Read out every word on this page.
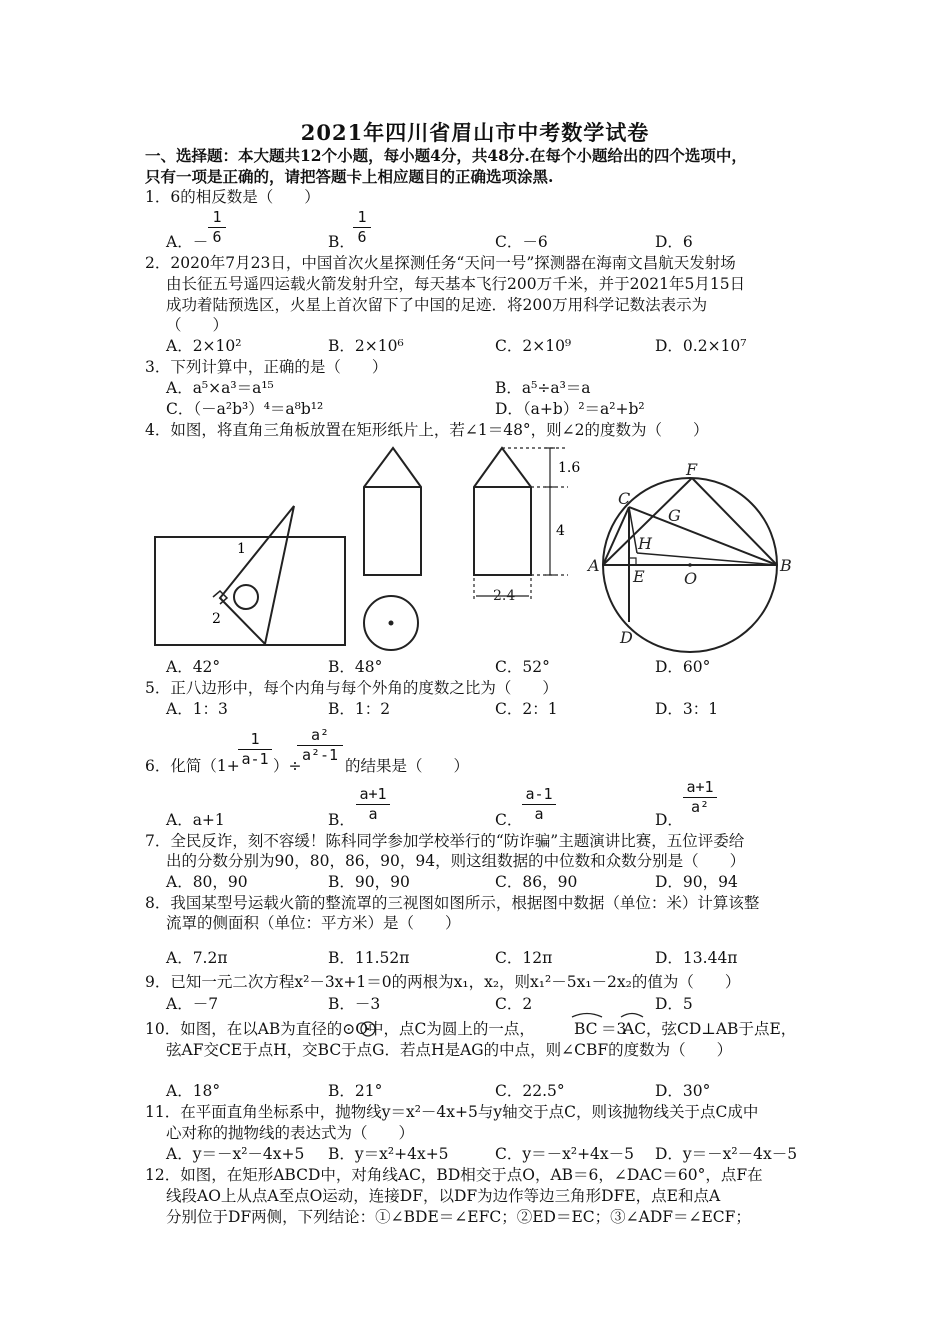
2021年四川省眉山市中考数学试卷
一、选择题：本大题共12个小题，每小题4分，共48分.在每个小题给出的四个选项中，
只有一项是正确的，请把答题卡上相应题目的正确选项涂黑.
1．6的相反数是（　　）
A．－
1
6	B．
1
6	C．－6	D．6
2．2020年7月23日，中国首次火星探测任务“天问一号”探测器在海南文昌航天发射场
由长征五号遥四运载火箭发射升空，每天基本飞行200万千米，并于2021年5月15日
成功着陆预选区，火星上首次留下了中国的足迹．将200万用科学记数法表示为
（　　）
A．2×10²	B．2×10⁶	C．2×10⁹	D．0.2×10⁷
3．下列计算中，正确的是（　　）
A．a⁵×a³＝a¹⁵	B．a⁵÷a³＝a
C．（－a²b³）⁴＝a⁸b¹²	D．（a+b）²＝a²+b²
4．如图，将直角三角板放置在矩形纸片上，若∠1＝48°，则∠2的度数为（　　）
1
2
1.6
4
2.4
F
C
G
H
A
E O
B
D
A．42°	B．48°	C．52°	D．60°
5．正八边形中，每个内角与每个外角的度数之比为（　　）
A．1：3	B．1：2	C．2：1	D．3：1
6．化简（1+
1
a-1 ）÷
a²
a²-1
的结果是（　　）
A．a+1	B．
a+1
a	C．
a-1
a	D．
a+1
a²
7．全民反诈，刻不容缓！陈科同学参加学校举行的“防诈骗”主题演讲比赛，五位评委给
出的分数分别为90，80，86，90，94，则这组数据的中位数和众数分别是（　　）
A．80，90	B．90，90	C．86，90	D．90，94
8．我国某型号运载火箭的整流罩的三视图如图所示，根据图中数据（单位：米）计算该整
流罩的侧面积（单位：平方米）是（　　）
A．7.2π	B．11.52π	C．12π	D．13.44π
9．已知一元二次方程x²－3x+1＝0的两根为x₁，x₂，则x₁²－5x₁－2x₂的值为（　　）
A．－7	B．－3	C．2	D．5
10．如图，在以AB为直径的⊙O中，点C为圆上的一点，	BC ＝3
AC ，弦CD⊥AB于点E，
弦AF交CE于点H，交BC于点G．若点H是AG的中点，则∠CBF的度数为（　　）
A．18°	B．21°	C．22.5°	D．30°
11．在平面直角坐标系中，抛物线y＝x²－4x+5与y轴交于点C，则该抛物线关于点C成中
心对称的抛物线的表达式为（　　）
A．y＝－x²－4x+5 B．y＝x²+4x+5	C．y＝－x²+4x－5 D．y＝－x²－4x－5
12．如图，在矩形ABCD中，对角线AC，BD相交于点O，AB＝6，∠DAC＝60°，点F在
线段AO上从点A至点O运动，连接DF，以DF为边作等边三角形DFE，点E和点A
分别位于DF两侧，下列结论：①∠BDE＝∠EFC；②ED＝EC；③∠ADF＝∠ECF；
